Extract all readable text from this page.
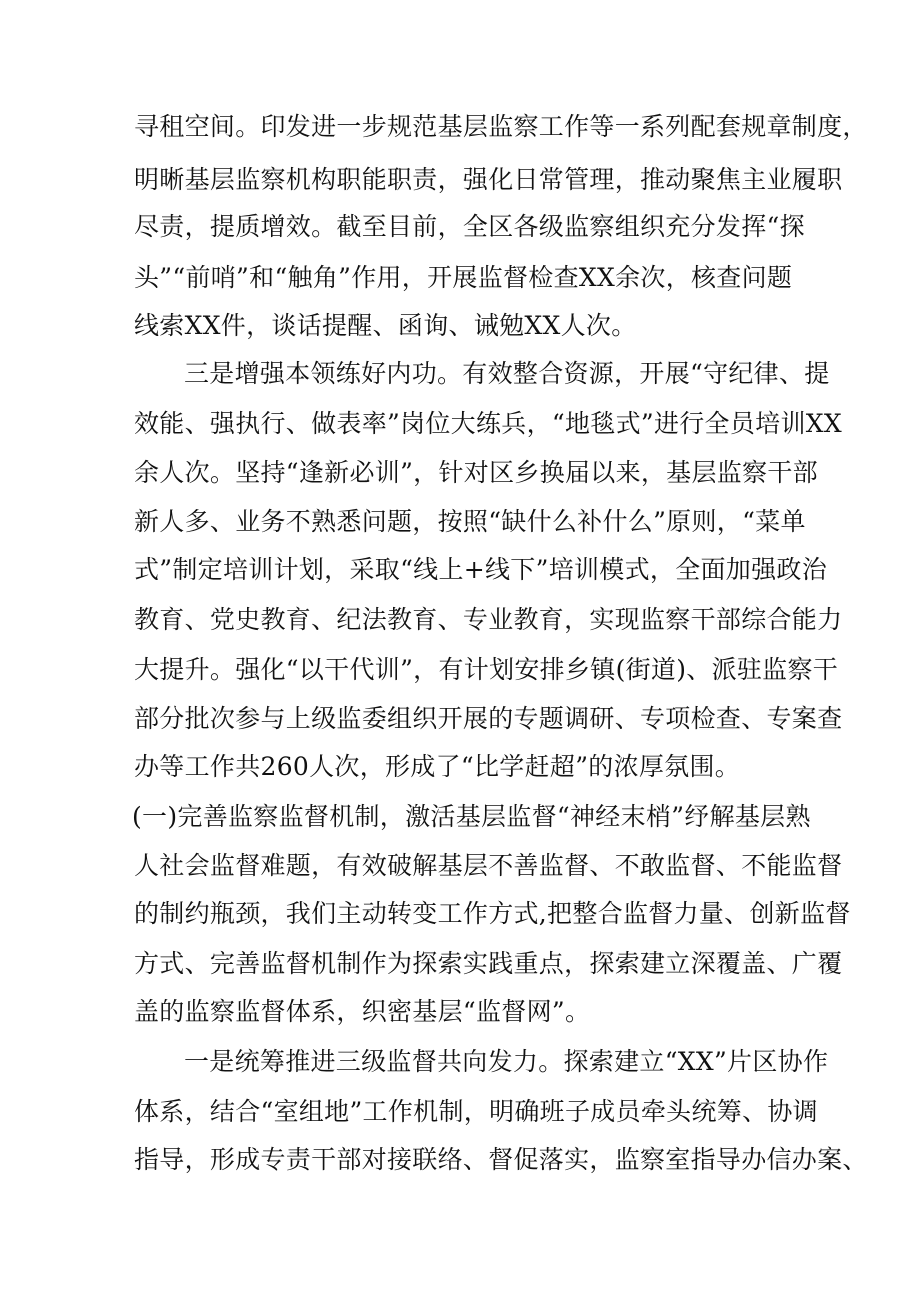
寻租空间。印发进一步规范基层监察工作等一系列配套规章制度，
明晰基层监察机构职能职责，强化日常管理，推动聚焦主业履职
尽责，提质增效。截至目前，全区各级监察组织充分发挥“探
头”“前哨”和“触角”作用，开展监督检查XX余次，核查问题
线索XX件，谈话提醒、函询、诫勉XX人次。
三是增强本领练好内功。有效整合资源，开展“守纪律、提
效能、强执行、做表率”岗位大练兵，“地毯式”进行全员培训XX
余人次。坚持“逢新必训”，针对区乡换届以来，基层监察干部
新人多、业务不熟悉问题，按照“缺什么补什么”原则，“菜单
式”制定培训计划，采取“线上+线下”培训模式，全面加强政治
教育、党史教育、纪法教育、专业教育，实现监察干部综合能力
大提升。强化“以干代训”，有计划安排乡镇(街道)、派驻监察干
部分批次参与上级监委组织开展的专题调研、专项检查、专案查
办等工作共260人次，形成了“比学赶超”的浓厚氛围。
(一)完善监察监督机制，激活基层监督“神经末梢”纾解基层熟
人社会监督难题，有效破解基层不善监督、不敢监督、不能监督
的制约瓶颈，我们主动转变工作方式,把整合监督力量、创新监督
方式、完善监督机制作为探索实践重点，探索建立深覆盖、广覆
盖的监察监督体系，织密基层“监督网”。
一是统筹推进三级监督共向发力。探索建立“XX”片区协作
体系，结合“室组地”工作机制，明确班子成员牵头统筹、协调
指导，形成专责干部对接联络、督促落实，监察室指导办信办案、
